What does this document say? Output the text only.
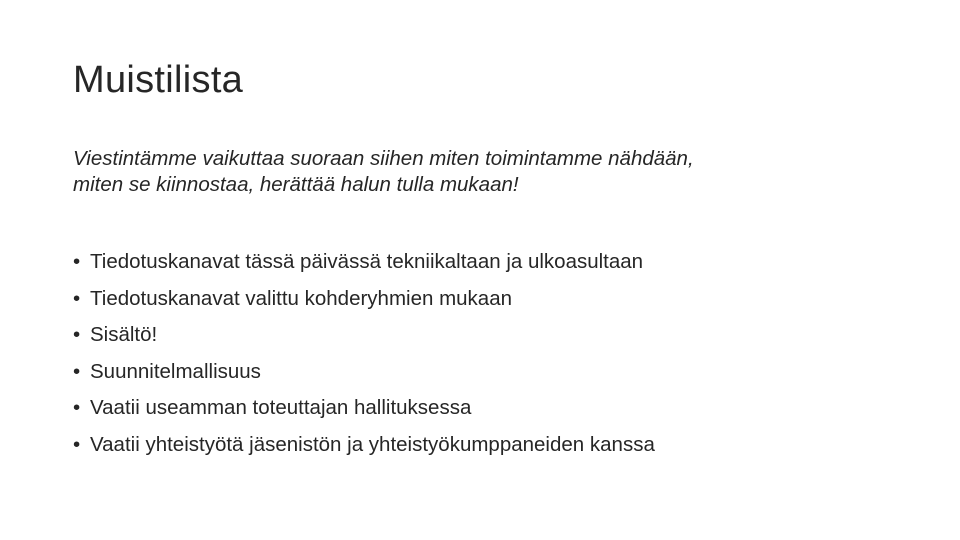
Muistilista
Viestintämme vaikuttaa suoraan siihen miten toimintamme nähdään,
miten se kiinnostaa, herättää halun tulla mukaan!
• Tiedotuskanavat tässä päivässä tekniikaltaan ja ulkoasultaan
• Tiedotuskanavat valittu kohderyhmien mukaan
• Sisältö!
• Suunnitelmallisuus
• Vaatii useamman toteuttajan hallituksessa
• Vaatii yhteistyötä jäsenistön ja yhteistyökumppaneiden kanssa
